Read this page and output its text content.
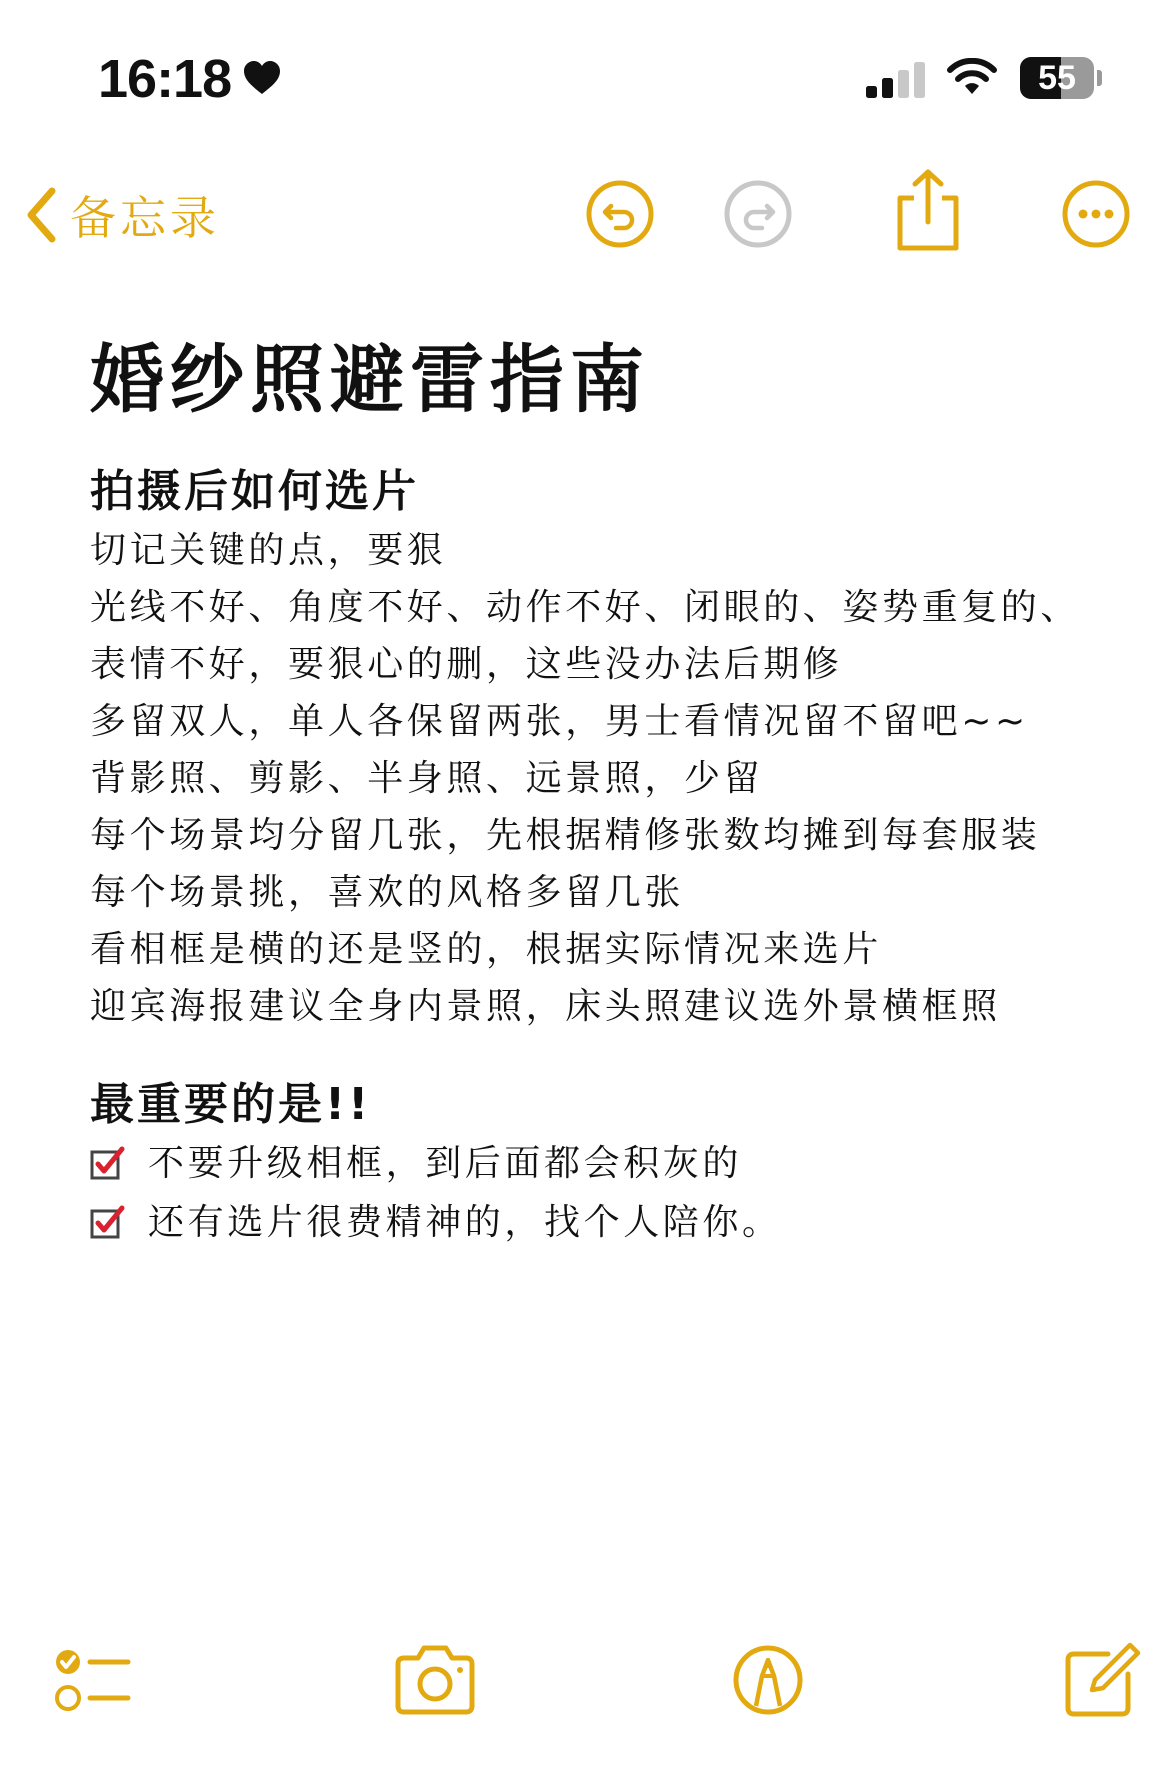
16:18	55
备忘录
婚纱照避雷指南
拍摄后如何选片
切记关键的点，要狠
光线不好、角度不好、动作不好、闭眼的、姿势重复的、
表情不好，要狠心的删，这些没办法后期修
多留双人，单人各保留两张，男士看情况留不留吧~~
背影照、剪影、半身照、远景照，少留
每个场景均分留几张，先根据精修张数均摊到每套服装
每个场景挑，喜欢的风格多留几张
看相框是横的还是竖的，根据实际情况来选片
迎宾海报建议全身内景照，床头照建议选外景横框照
最重要的是!!
不要升级相框，到后面都会积灰的
还有选片很费精神的，找个人陪你。
